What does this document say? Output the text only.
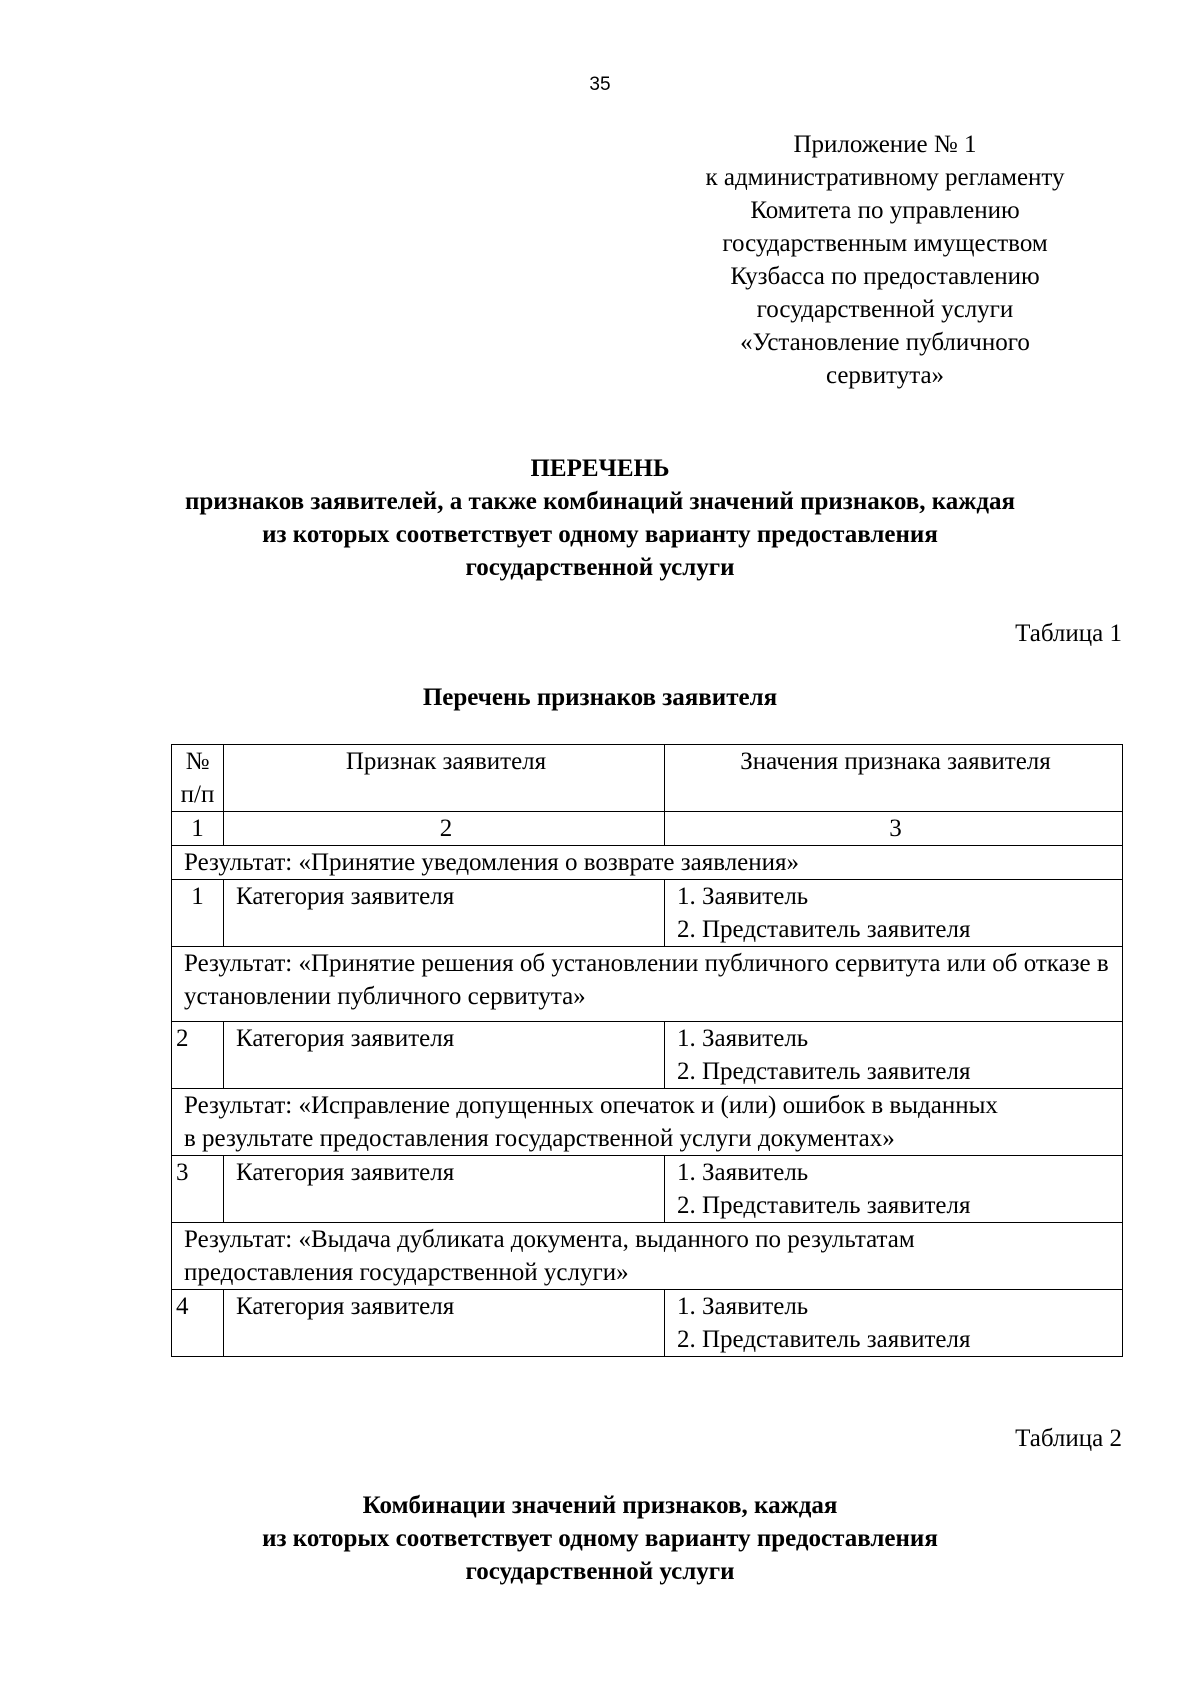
35
Приложение № 1
к административному регламенту
Комитета по управлению
государственным имуществом
Кузбасса по предоставлению
государственной услуги
«Установление публичного
сервитута»
ПЕРЕЧЕНЬ
признаков заявителей, а также комбинаций значений признаков, каждая
из которых соответствует одному варианту предоставления
государственной услуги
Таблица 1
Перечень признаков заявителя
№ п/п	Признак заявителя	Значения признака заявителя
1	2	3
Результат: «Принятие уведомления о возврате заявления»		
1	Категория заявителя	1. Заявитель
2. Представитель заявителя

Результат: «Принятие решения об установлении публичного сервитута или об отказе в установлении публичного сервитута»		
2	Категория заявителя	1. Заявитель
2. Представитель заявителя

Результат: «Исправление допущенных опечаток и (или) ошибок в выданных в результате предоставления государственной услуги документах»		
3	Категория заявителя	1. Заявитель
2. Представитель заявителя

Результат: «Выдача дубликата документа, выданного по результатам предоставления государственной услуги»		
4	Категория заявителя	1. Заявитель
2. Представитель заявителя
Таблица 2
Комбинации значений признаков, каждая
из которых соответствует одному варианту предоставления
государственной услуги
